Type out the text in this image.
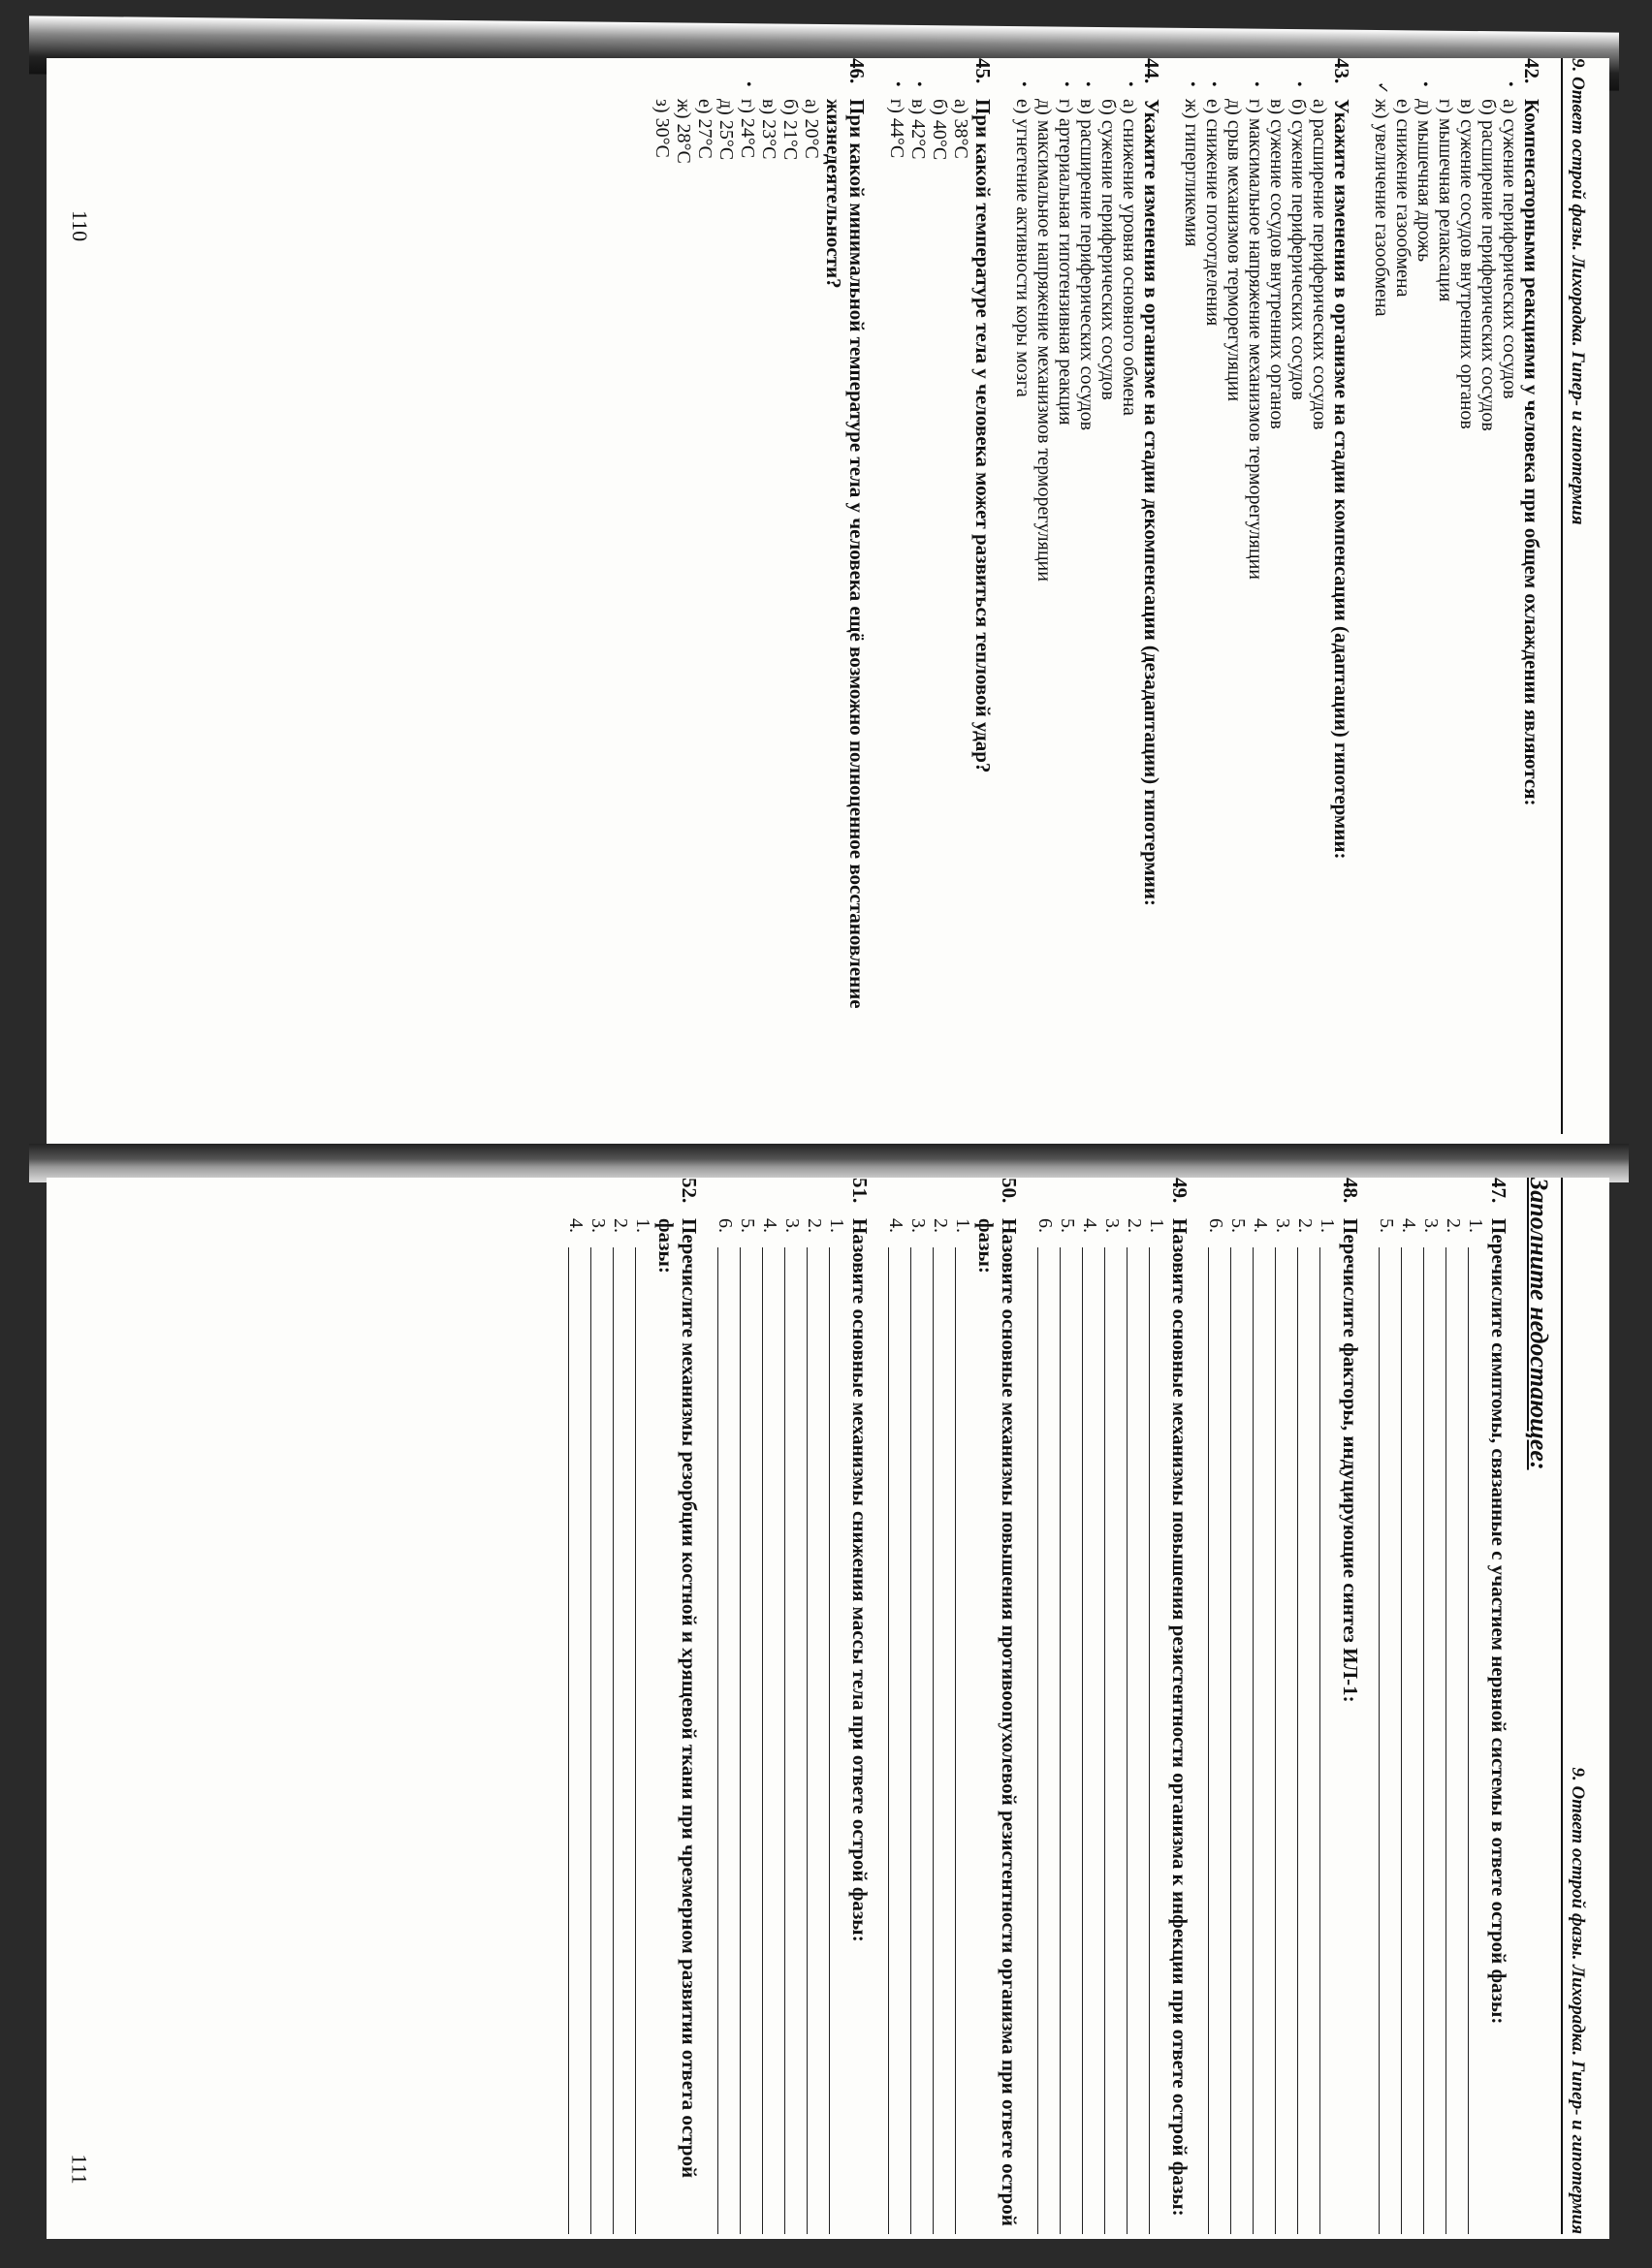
9. Ответ острой фазы. Лихорадка. Гипер- и гипотермия
42.
Компенсаторными реакциями у человека при общем охлаждении являются:
•
а) сужение периферических сосудов
б) расширение периферических сосудов
в) сужение сосудов внутренних органов
г) мышечная релаксация
•
д) мышечная дрожь
е) снижение газообмена
✓
ж) увеличение газообмена
43.
Укажите изменения в организме на стадии компенсации (адаптации) гипотермии:
а) расширение периферических сосудов
•
б) сужение периферических сосудов
в) сужение сосудов внутренних органов
•
г) максимальное напряжение механизмов терморегуляции
д) срыв механизмов терморегуляции
•
е) снижение потоотделения
•
ж) гипергликемия
44.
Укажите изменения в организме на стадии декомпенсации (дезадаптации) гипотермии:
•
а) снижение уровня основного обмена
б) сужение периферических сосудов
•
в) расширение периферических сосудов
•
г) артериальная гипотензивная реакция
д) максимальное напряжение механизмов терморегуляции
•
е) угнетение активности коры мозга
45.
При какой температуре тела у человека может развиться тепловой удар?
а) 38°С
б) 40°С
•
в) 42°С
•
г) 44°С
46.
При какой минимальной температуре тела у человека ещё возможно полноценное восстановление жизнедеятельности?
а) 20°С
б) 21°С
в) 23°С
•
г) 24°С
д) 25°С
е) 27°С
ж) 28°С
з) 30°С
110
9. Ответ острой фазы. Лихорадка. Гипер- и гипотермия
Заполните недостающее:
47.
Перечислите симптомы, связанные с участием нервной системы в ответе острой фазы:
1.
2.
3.
4.
5.
48.
Перечислите факторы, индуцирующие синтез ИЛ-1:
1.
2.
3.
4.
5.
6.
49.
Назовите основные механизмы повышения резистентности организма к инфекции при ответе острой фазы:
1.
2.
3.
4.
5.
6.
50.
Назовите основные механизмы повышения противоопухолевой резистентности организма при ответе острой фазы:
1.
2.
3.
4.
51.
Назовите основные механизмы снижения массы тела при ответе острой фазы:
1.
2.
3.
4.
5.
6.
52.
Перечислите механизмы резорбции костной и хрящевой ткани при чрезмерном развитии ответа острой фазы:
1.
2.
3.
4.
111
